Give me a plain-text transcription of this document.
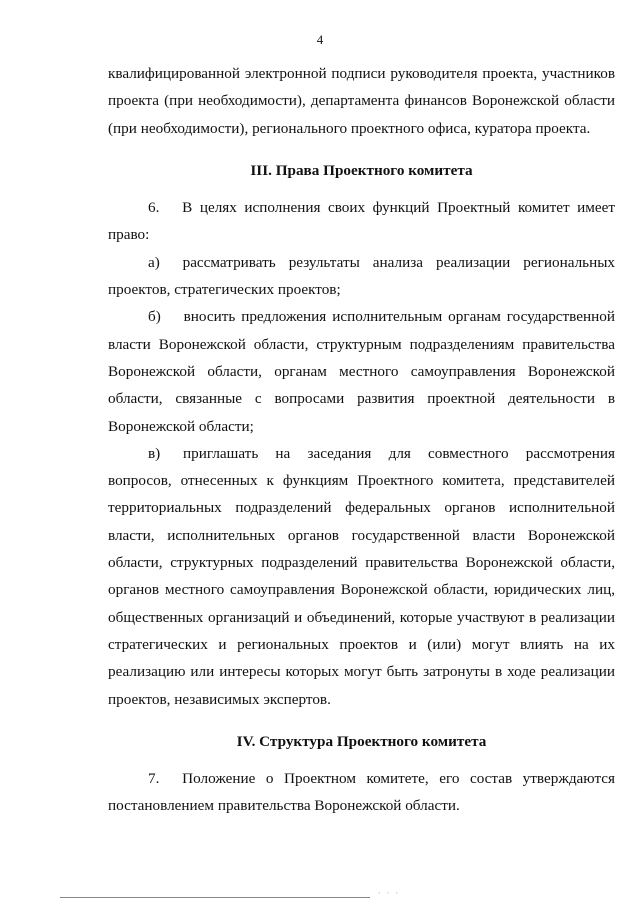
4

квалифицированной электронной подписи руководителя проекта, участников проекта (при необходимости), департамента финансов Воронежской области (при необходимости), регионального проектного офиса, куратора проекта.

III. Права Проектного комитета

6.   В целях исполнения своих функций Проектный комитет имеет право:

а)   рассматривать результаты анализа реализации региональных проектов, стратегических проектов;

б)   вносить предложения исполнительным органам государственной власти Воронежской области, структурным подразделениям правительства Воронежской области, органам местного самоуправления Воронежской области, связанные с вопросами развития проектной деятельности в Воронежской области;

в)   приглашать на заседания для совместного рассмотрения вопросов, отнесенных к функциям Проектного комитета, представителей территориальных подразделений федеральных органов исполнительной власти, исполнительных органов государственной власти Воронежской области, структурных подразделений правительства Воронежской области, органов местного самоуправления Воронежской области, юридических лиц, общественных организаций и объединений, которые участвуют в реализации стратегических и региональных проектов и (или) могут влиять на их реализацию или интересы которых могут быть затронуты в ходе реализации проектов, независимых экспертов.

IV. Структура Проектного комитета

7.   Положение о Проектном комитете, его состав утверждаются постановлением правительства Воронежской области.

· · ·
